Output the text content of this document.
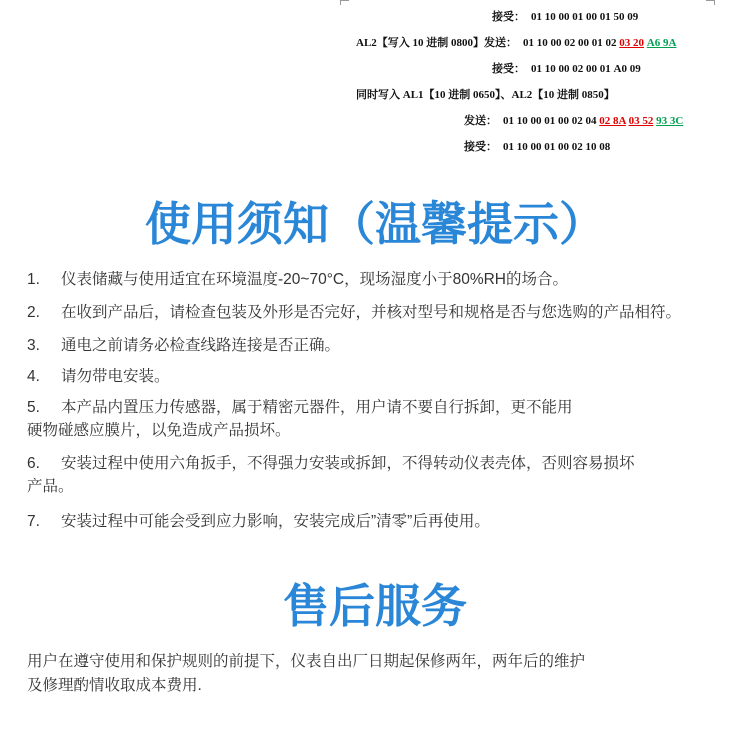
接受： 01 10 00 01 00 01 50 09
AL2【写入 10 进制 0800】发送： 01 10 00 02 00 01 02 03 20 A6 9A
接受： 01 10 00 02 00 01 A0 09
同时写入 AL1【10 进制 0650】、AL2【10 进制 0850】
发送： 01 10 00 01 00 02 04 02 8A 03 52 93 3C
接受： 01 10 00 01 00 02 10 08
使用须知（温馨提示）
1. 仪表储藏与使用适宜在环境温度-20~70°C，现场湿度小于80%RH的场合。
2. 在收到产品后，请检查包装及外形是否完好，并核对型号和规格是否与您选购的产品相符。
3. 通电之前请务必检查线路连接是否正确。
4. 请勿带电安装。
5. 本产品内置压力传感器，属于精密元器件，用户请不要自行拆卸，更不能用
硬物碰感应膜片，以免造成产品损坏。
6. 安装过程中使用六角扳手，不得强力安装或拆卸，不得转动仪表壳体，否则容易损坏
产品。
7. 安装过程中可能会受到应力影响，安装完成后”清零”后再使用。
售后服务
用户在遵守使用和保护规则的前提下，仪表自出厂日期起保修两年，两年后的维护
及修理酌情收取成本费用.
